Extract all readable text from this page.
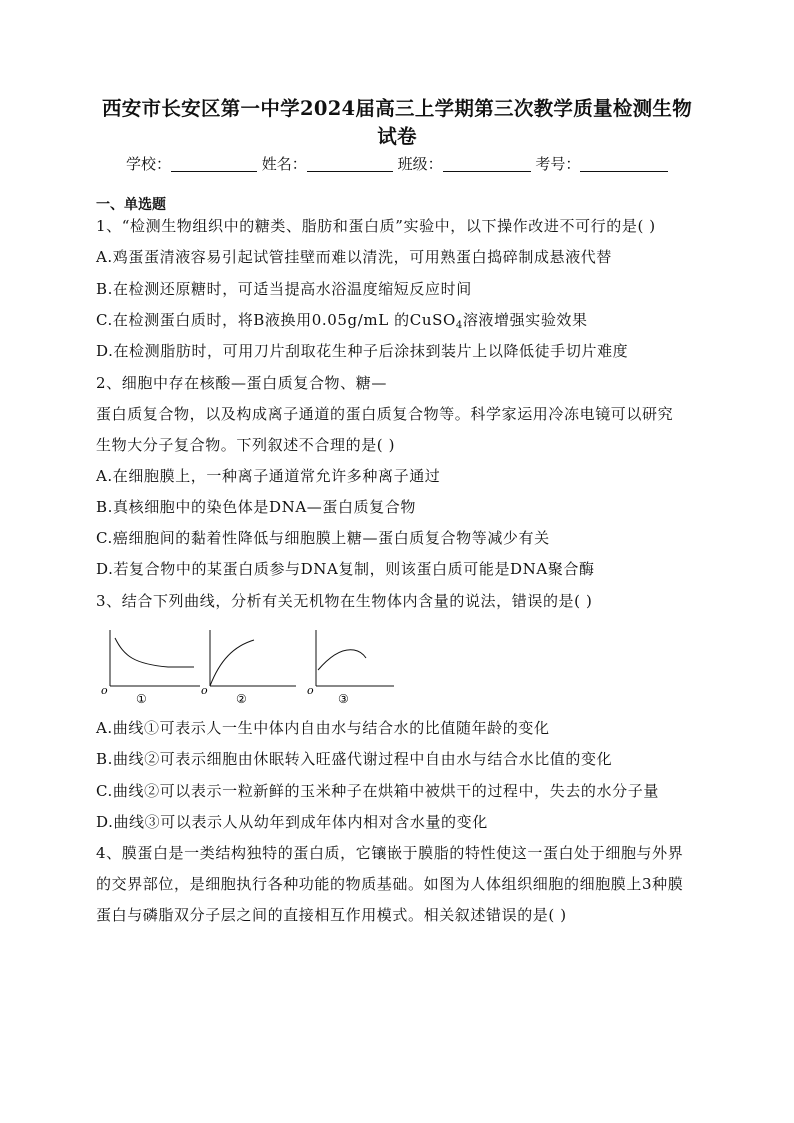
西安市长安区第一中学2024届高三上学期第三次教学质量检测生物
试卷
学校：	姓名：	班级：	考号：
一、单选题
1、“检测生物组织中的糖类、脂肪和蛋白质”实验中，以下操作改进不可行的是( )
A.鸡蛋蛋清液容易引起试管挂壁而难以清洗，可用熟蛋白捣碎制成悬液代替
B.在检测还原糖时，可适当提高水浴温度缩短反应时间
C.在检测蛋白质时，将B液换用0.05g/mL 的CuSO$_4$溶液增强实验效果
D.在检测脂肪时，可用刀片刮取花生种子后涂抹到装片上以降低徒手切片难度
2、细胞中存在核酸—蛋白质复合物、糖—
蛋白质复合物，以及构成离子通道的蛋白质复合物等。科学家运用冷冻电镜可以研究
生物大分子复合物。下列叙述不合理的是( )
A.在细胞膜上，一种离子通道常允许多种离子通过
B.真核细胞中的染色体是DNA—蛋白质复合物
C.癌细胞间的黏着性降低与细胞膜上糖—蛋白质复合物等减少有关
D.若复合物中的某蛋白质参与DNA复制，则该蛋白质可能是DNA聚合酶
3、结合下列曲线，分析有关无机物在生物体内含量的说法，错误的是( )
o
①
o
②
o
③
A.曲线①可表示人一生中体内自由水与结合水的比值随年龄的变化
B.曲线②可表示细胞由休眠转入旺盛代谢过程中自由水与结合水比值的变化
C.曲线②可以表示一粒新鲜的玉米种子在烘箱中被烘干的过程中，失去的水分子量
D.曲线③可以表示人从幼年到成年体内相对含水量的变化
4、膜蛋白是一类结构独特的蛋白质，它镶嵌于膜脂的特性使这一蛋白处于细胞与外界
的交界部位，是细胞执行各种功能的物质基础。如图为人体组织细胞的细胞膜上3种膜
蛋白与磷脂双分子层之间的直接相互作用模式。相关叙述错误的是( )
